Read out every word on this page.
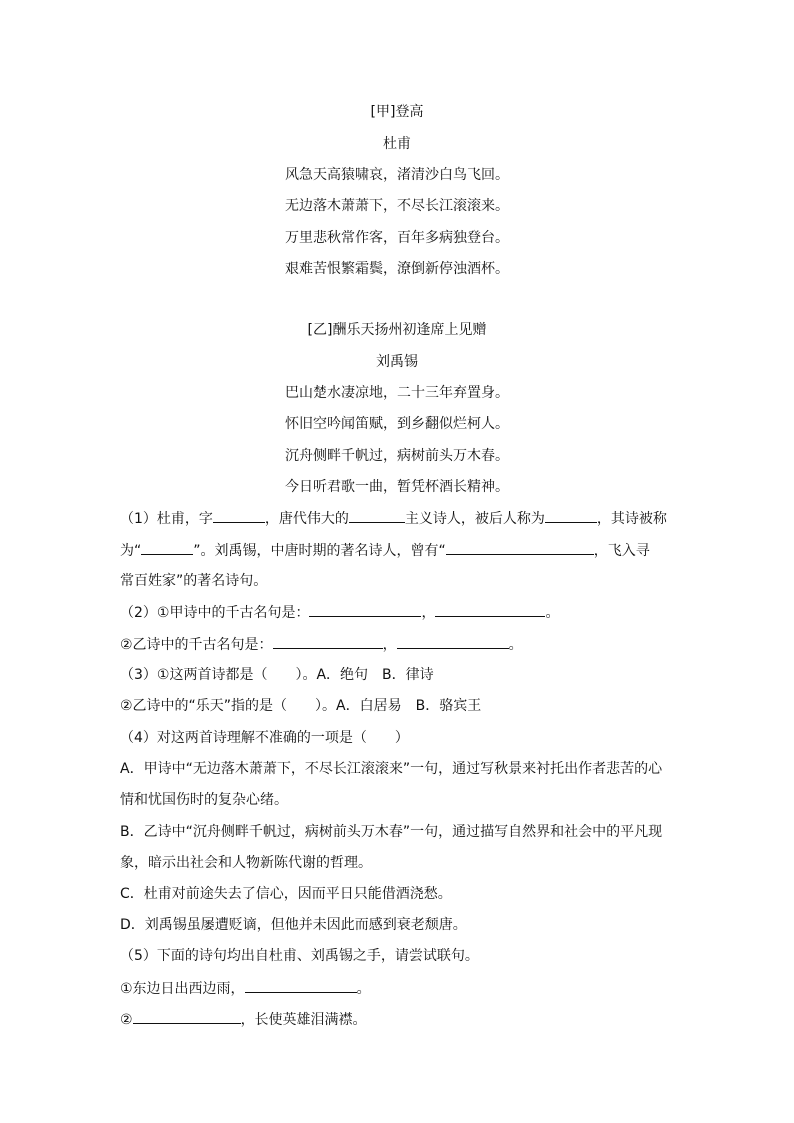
[甲]登高
杜甫
风急天高猿啸哀，渚清沙白鸟飞回。
无边落木萧萧下，不尽长江滚滚来。
万里悲秋常作客，百年多病独登台。
艰难苦恨繁霜鬓，潦倒新停浊酒杯。
[乙]酬乐天扬州初逢席上见赠
刘禹锡
巴山楚水凄凉地，二十三年弃置身。
怀旧空吟闻笛赋，到乡翻似烂柯人。
沉舟侧畔千帆过，病树前头万木春。
今日听君歌一曲，暂凭杯酒长精神。
（1）杜甫，字	，唐代伟大的	主义诗人，被后人称为	，其诗被称
为“	”。刘禹锡，中唐时期的著名诗人，曾有“	，飞入寻
常百姓家”的著名诗句。
（2）①甲诗中的千古名句是：	，	。
②乙诗中的千古名句是：	，	。
（3）①这两首诗都是（　　）。A．绝句　B．律诗
②乙诗中的“乐天”指的是（　　）。A．白居易　B．骆宾王
（4）对这两首诗理解不准确的一项是（　　）
A．甲诗中“无边落木萧萧下，不尽长江滚滚来”一句，通过写秋景来衬托出作者悲苦的心
情和忧国伤时的复杂心绪。
B．乙诗中“沉舟侧畔千帆过，病树前头万木春”一句，通过描写自然界和社会中的平凡现
象，暗示出社会和人物新陈代谢的哲理。
C．杜甫对前途失去了信心，因而平日只能借酒浇愁。
D．刘禹锡虽屡遭贬谪，但他并未因此而感到衰老颓唐。
（5）下面的诗句均出自杜甫、刘禹锡之手，请尝试联句。
①东边日出西边雨，	。
②	，长使英雄泪满襟。
